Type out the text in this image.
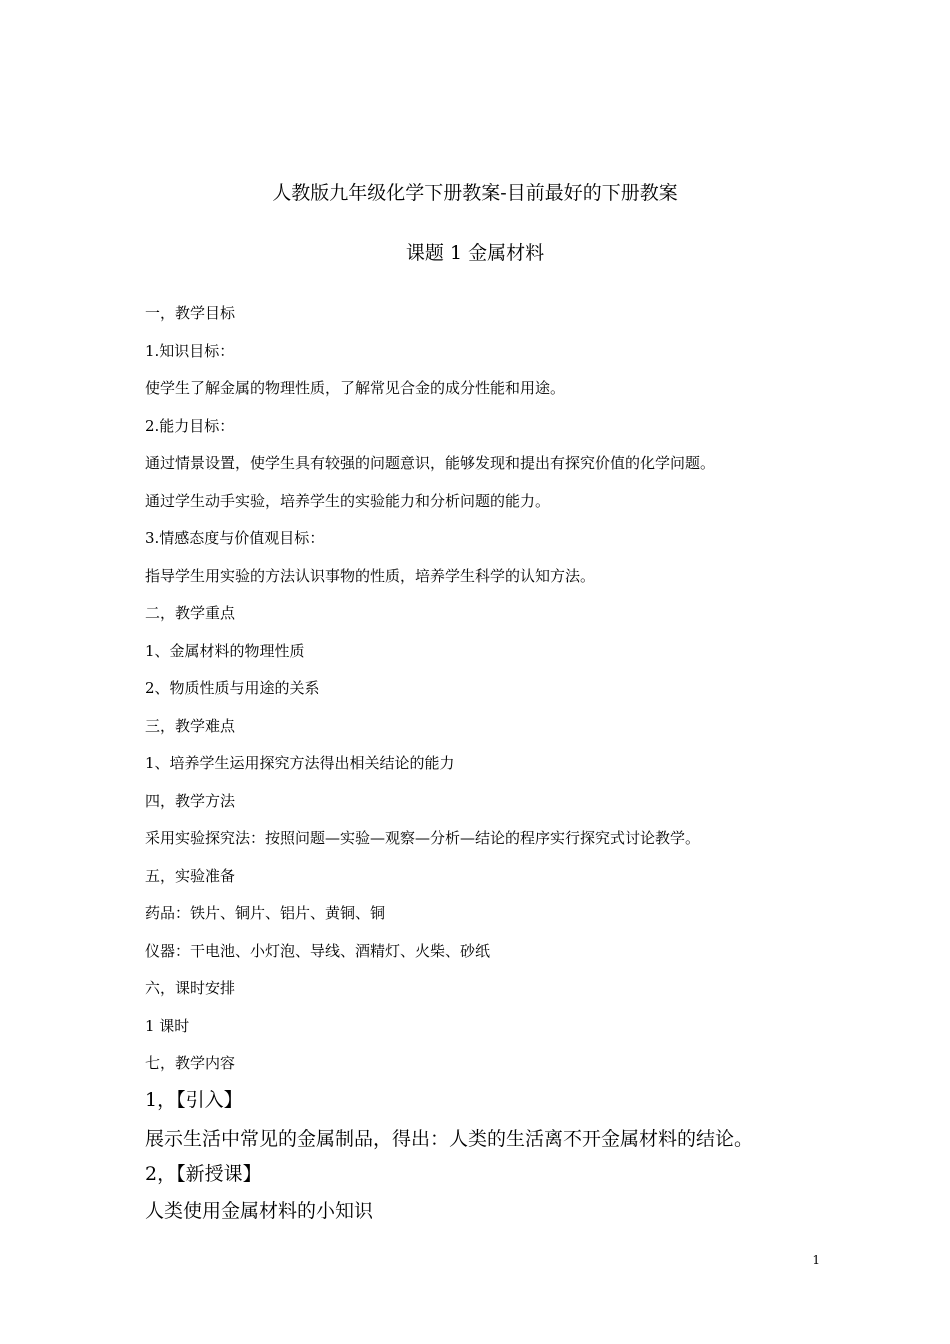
人教版九年级化学下册教案-目前最好的下册教案
课题 1 金属材料
一，教学目标
1.知识目标：
使学生了解金属的物理性质，了解常见合金的成分性能和用途。
2.能力目标：
通过情景设置，使学生具有较强的问题意识，能够发现和提出有探究价值的化学问题。
通过学生动手实验，培养学生的实验能力和分析问题的能力。
3.情感态度与价值观目标：
指导学生用实验的方法认识事物的性质，培养学生科学的认知方法。
二，教学重点
1、金属材料的物理性质
2、物质性质与用途的关系
三，教学难点
1、培养学生运用探究方法得出相关结论的能力
四，教学方法
采用实验探究法：按照问题—实验—观察—分析—结论的程序实行探究式讨论教学。
五，实验准备
药品：铁片、铜片、铝片、黄铜、铜
仪器：干电池、小灯泡、导线、酒精灯、火柴、砂纸
六，课时安排
1 课时
七，教学内容
1，【引入】
展示生活中常见的金属制品，得出：人类的生活离不开金属材料的结论。
2，【新授课】
人类使用金属材料的小知识
1
